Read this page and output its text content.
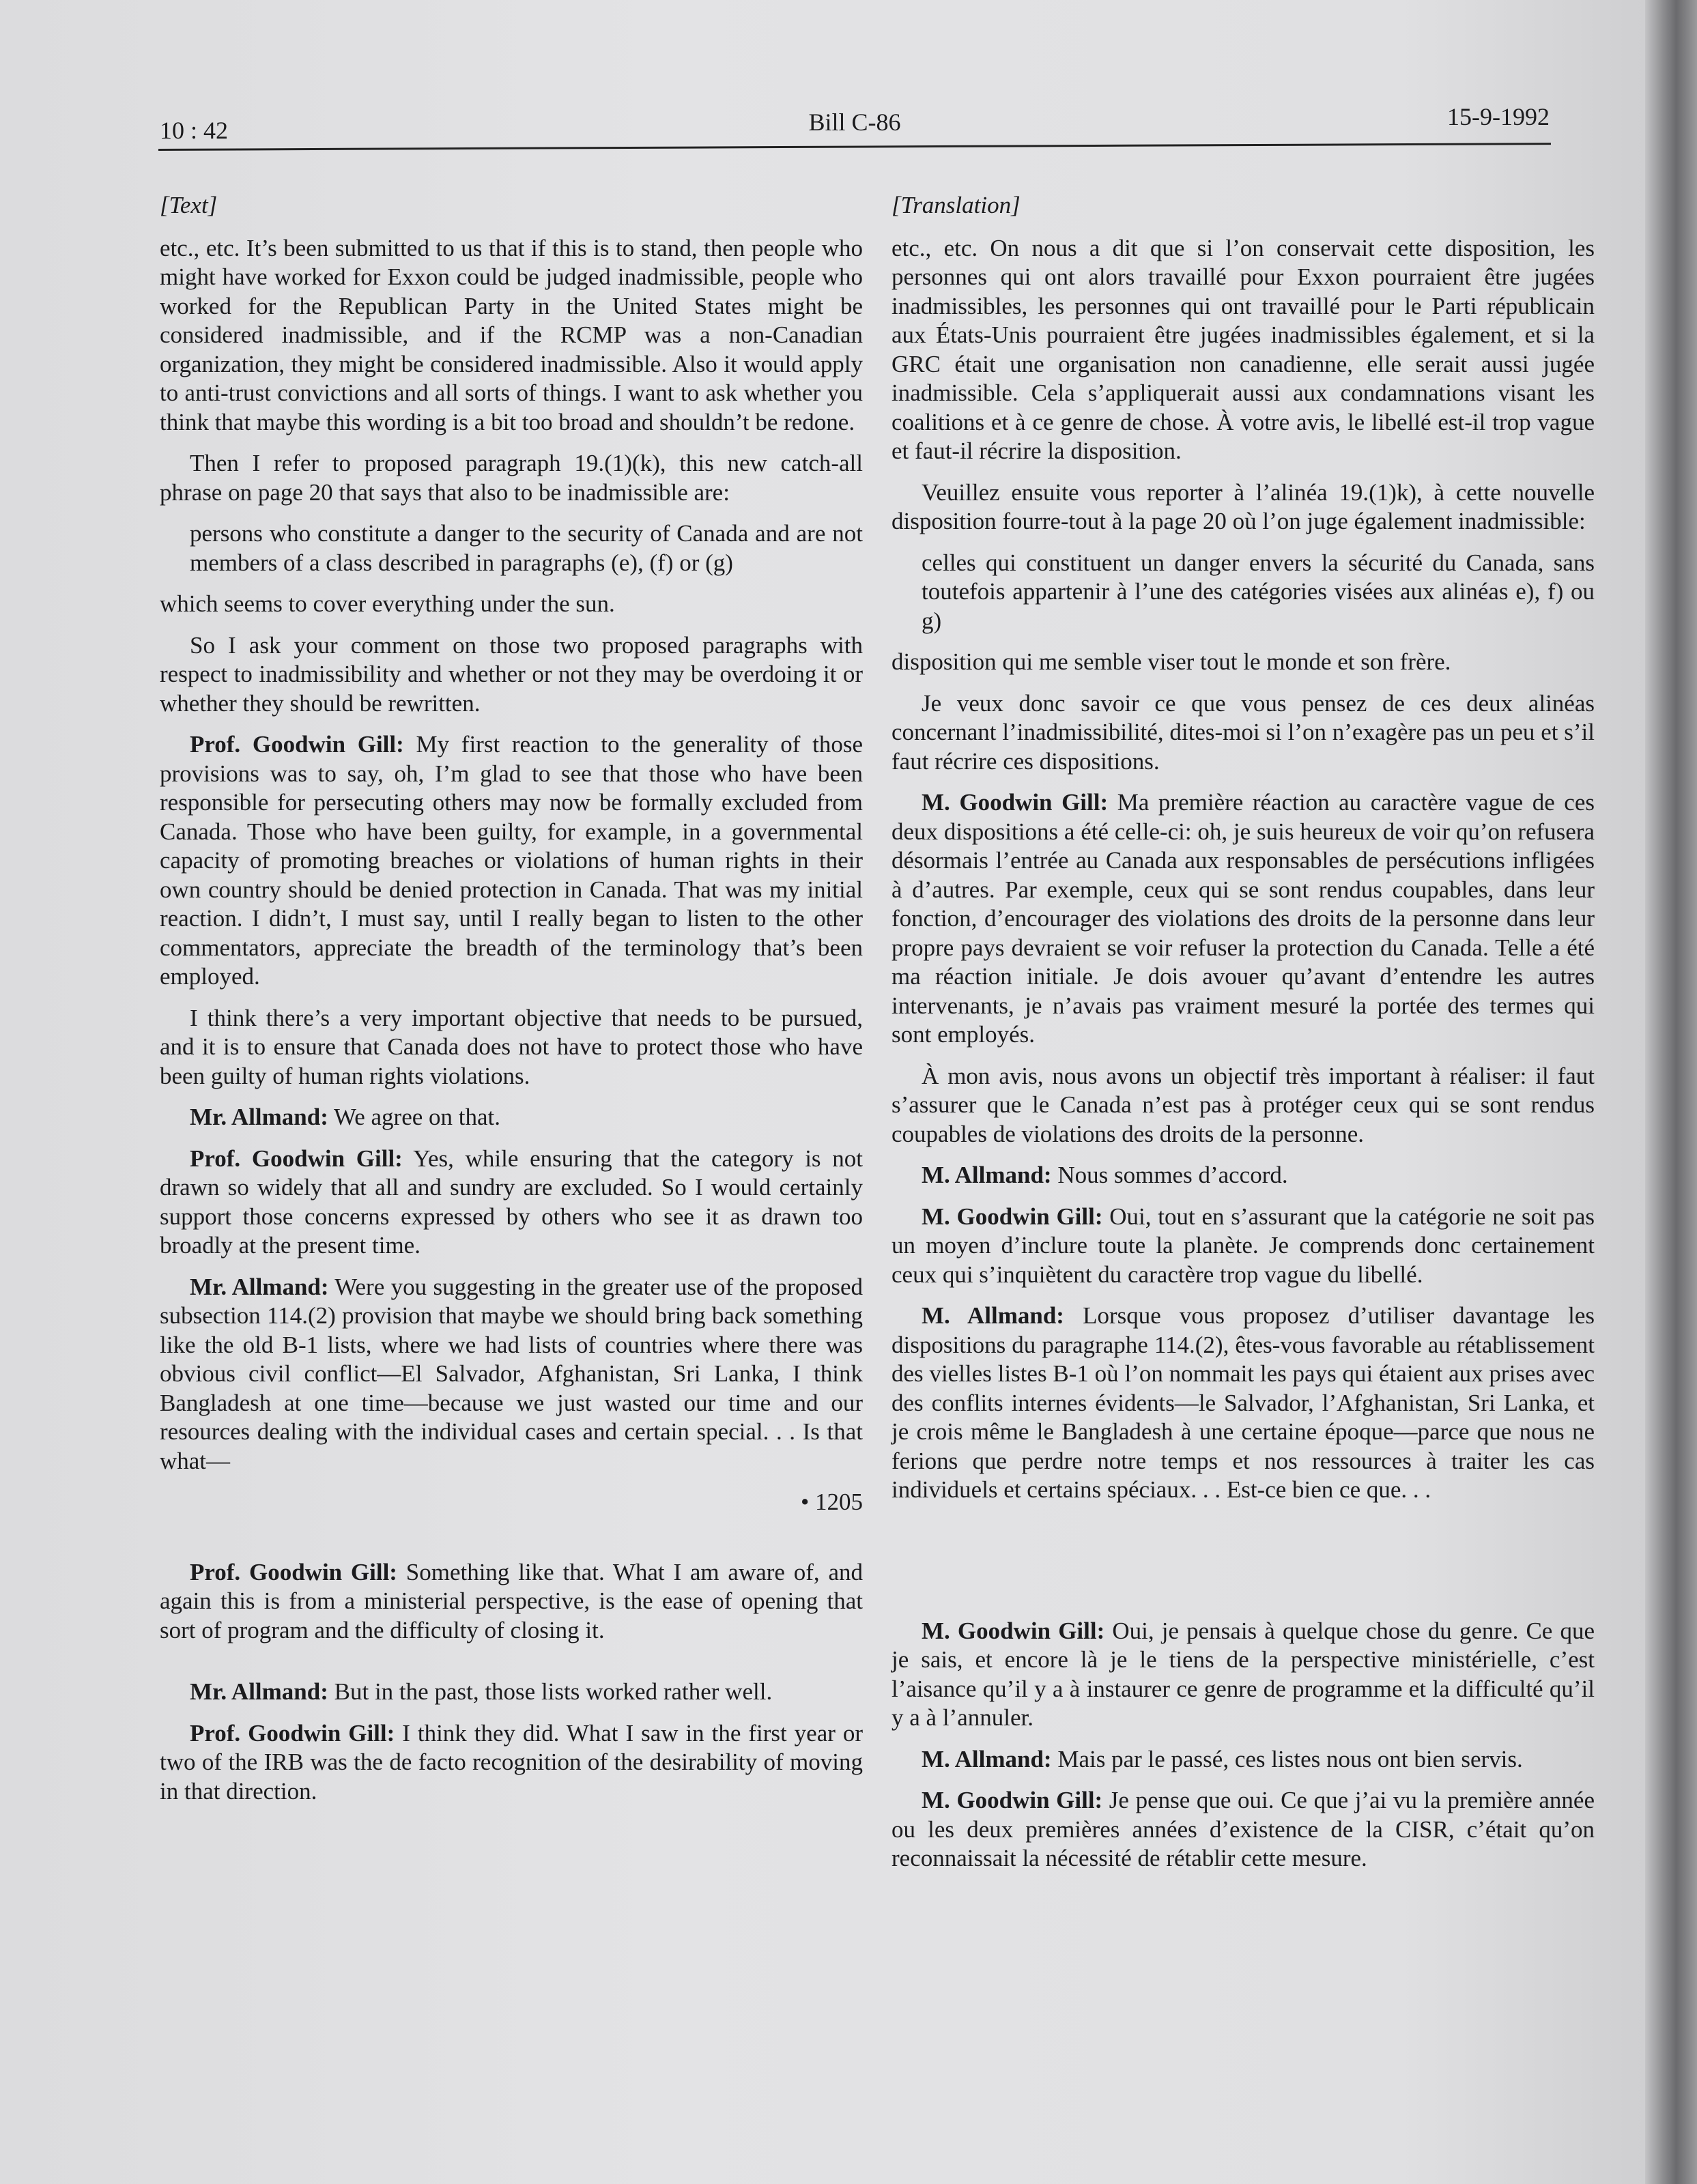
10 : 42	Bill C-86	15-9-1992
[Text]

etc., etc. It’s been submitted to us that if this is to stand, then people who might have worked for Exxon could be judged inadmissible, people who worked for the Republican Party in the United States might be considered inadmissible, and if the RCMP was a non-Canadian organization, they might be considered inadmissible. Also it would apply to anti-trust convictions and all sorts of things. I want to ask whether you think that maybe this wording is a bit too broad and shouldn’t be redone.

Then I refer to proposed paragraph 19.(1)(k), this new catch-all phrase on page 20 that says that also to be inadmissible are:

persons who constitute a danger to the security of Canada and are not members of a class described in paragraphs (e), (f) or (g)

which seems to cover everything under the sun.

So I ask your comment on those two proposed paragraphs with respect to inadmissibility and whether or not they may be overdoing it or whether they should be rewritten.

Prof. Goodwin Gill: My first reaction to the generality of those provisions was to say, oh, I’m glad to see that those who have been responsible for persecuting others may now be formally excluded from Canada. Those who have been guilty, for example, in a governmental capacity of promoting breaches or violations of human rights in their own country should be denied protection in Canada. That was my initial reaction. I didn’t, I must say, until I really began to listen to the other commentators, appreciate the breadth of the terminology that’s been employed.

I think there’s a very important objective that needs to be pursued, and it is to ensure that Canada does not have to protect those who have been guilty of human rights violations.

Mr. Allmand: We agree on that.

Prof. Goodwin Gill: Yes, while ensuring that the category is not drawn so widely that all and sundry are excluded. So I would certainly support those concerns expressed by others who see it as drawn too broadly at the present time.

Mr. Allmand: Were you suggesting in the greater use of the proposed subsection 114.(2) provision that maybe we should bring back something like the old B-1 lists, where we had lists of countries where there was obvious civil conflict—El Salvador, Afghanistan, Sri Lanka, I think Bangladesh at one time—because we just wasted our time and our resources dealing with the individual cases and certain special. . . Is that what—

• 1205

Prof. Goodwin Gill: Something like that. What I am aware of, and again this is from a ministerial perspective, is the ease of opening that sort of program and the difficulty of closing it.

Mr. Allmand: But in the past, those lists worked rather well.

Prof. Goodwin Gill: I think they did. What I saw in the first year or two of the IRB was the de facto recognition of the desirability of moving in that direction.

[Translation]

etc., etc. On nous a dit que si l’on conservait cette disposition, les personnes qui ont alors travaillé pour Exxon pourraient être jugées inadmissibles, les personnes qui ont travaillé pour le Parti républicain aux États-Unis pourraient être jugées inadmissibles également, et si la GRC était une organisation non canadienne, elle serait aussi jugée inadmissible. Cela s’appliquerait aussi aux condamnations visant les coalitions et à ce genre de chose. À votre avis, le libellé est-il trop vague et faut-il récrire la disposition.

Veuillez ensuite vous reporter à l’alinéa 19.(1)k), à cette nouvelle disposition fourre-tout à la page 20 où l’on juge également inadmissible:

celles qui constituent un danger envers la sécurité du Canada, sans toutefois appartenir à l’une des catégories visées aux alinéas e), f) ou g)

disposition qui me semble viser tout le monde et son frère.

Je veux donc savoir ce que vous pensez de ces deux alinéas concernant l’inadmissibilité, dites-moi si l’on n’exagère pas un peu et s’il faut récrire ces dispositions.

M. Goodwin Gill: Ma première réaction au caractère vague de ces deux dispositions a été celle-ci: oh, je suis heureux de voir qu’on refusera désormais l’entrée au Canada aux responsables de persécutions infligées à d’autres. Par exemple, ceux qui se sont rendus coupables, dans leur fonction, d’encourager des violations des droits de la personne dans leur propre pays devraient se voir refuser la protection du Canada. Telle a été ma réaction initiale. Je dois avouer qu’avant d’entendre les autres intervenants, je n’avais pas vraiment mesuré la portée des termes qui sont employés.

À mon avis, nous avons un objectif très important à réaliser: il faut s’assurer que le Canada n’est pas à protéger ceux qui se sont rendus coupables de violations des droits de la personne.

M. Allmand: Nous sommes d’accord.

M. Goodwin Gill: Oui, tout en s’assurant que la catégorie ne soit pas un moyen d’inclure toute la planète. Je comprends donc certainement ceux qui s’inquiètent du caractère trop vague du libellé.

M. Allmand: Lorsque vous proposez d’utiliser davantage les dispositions du paragraphe 114.(2), êtes-vous favorable au rétablissement des vielles listes B-1 où l’on nommait les pays qui étaient aux prises avec des conflits internes évidents—le Salvador, l’Afghanistan, Sri Lanka, et je crois même le Bangladesh à une certaine époque—parce que nous ne ferions que perdre notre temps et nos ressources à traiter les cas individuels et certains spéciaux. . . Est-ce bien ce que. . .

M. Goodwin Gill: Oui, je pensais à quelque chose du genre. Ce que je sais, et encore là je le tiens de la perspective ministérielle, c’est l’aisance qu’il y a à instaurer ce genre de programme et la difficulté qu’il y a à l’annuler.

M. Allmand: Mais par le passé, ces listes nous ont bien servis.

M. Goodwin Gill: Je pense que oui. Ce que j’ai vu la première année ou les deux premières années d’existence de la CISR, c’était qu’on reconnaissait la nécessité de rétablir cette mesure.
